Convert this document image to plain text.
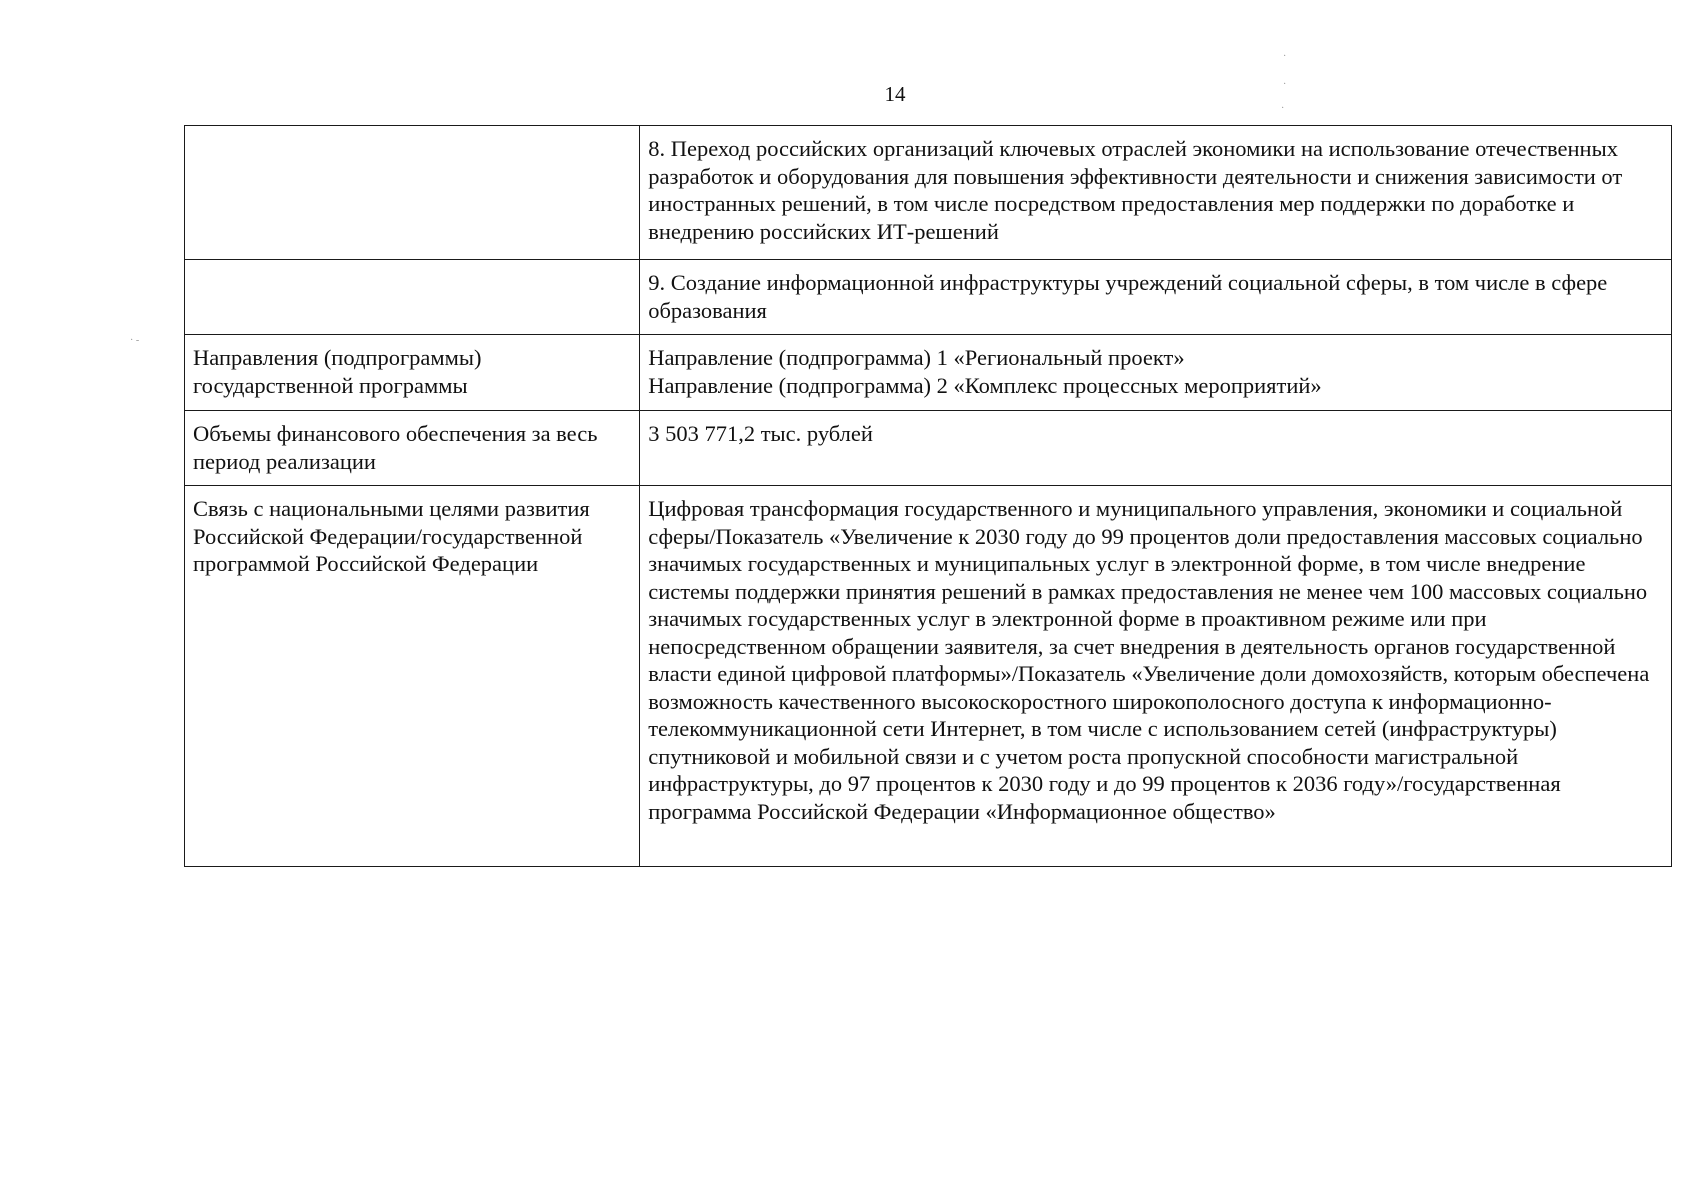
14
	8. Переход российских организаций ключевых отраслей экономики на использование отечественных разработок и оборудования для повышения эффективности деятельности и снижения зависимости от иностранных решений, в том числе посредством предоставления мер поддержки по доработке и внедрению российских ИТ-решений
	9. Создание информационной инфраструктуры учреждений социальной сферы, в том числе в сфере образования
Направления (подпрограммы) государственной программы	Направление (подпрограмма) 1 «Региональный проект»
Направление (подпрограмма) 2 «Комплекс процессных мероприятий»

Объемы финансового обеспечения за весь период реализации	3 503 771,2 тыс. рублей
Связь с национальными целями развития Российской Федерации/государственной программой Российской Федерации	Цифровая трансформация государственного и муниципального управления, экономики и социальной сферы/Показатель «Увеличение к 2030 году до 99 процентов доли предоставления массовых социально значимых государственных и муниципальных услуг в электронной форме, в том числе внедрение системы поддержки принятия решений в рамках предоставления не менее чем 100 массовых социально значимых государственных услуг в электронной форме в проактивном режиме или при непосредственном обращении заявителя, за счет внедрения в деятельность органов государственной власти единой цифровой платформы»/Показатель «Увеличение доли домохозяйств, которым обеспечена возможность качественного высокоскоростного широкополосного доступа к информационно-телекоммуникационной сети Интернет, в том числе с использованием сетей (инфраструктуры) спутниковой и мобильной связи и с учетом роста пропускной способности магистральной инфраструктуры, до 97 процентов к 2030 году и до 99 процентов к 2036 году»/государственная программа Российской Федерации «Информационное общество»
·
·
·
· -
